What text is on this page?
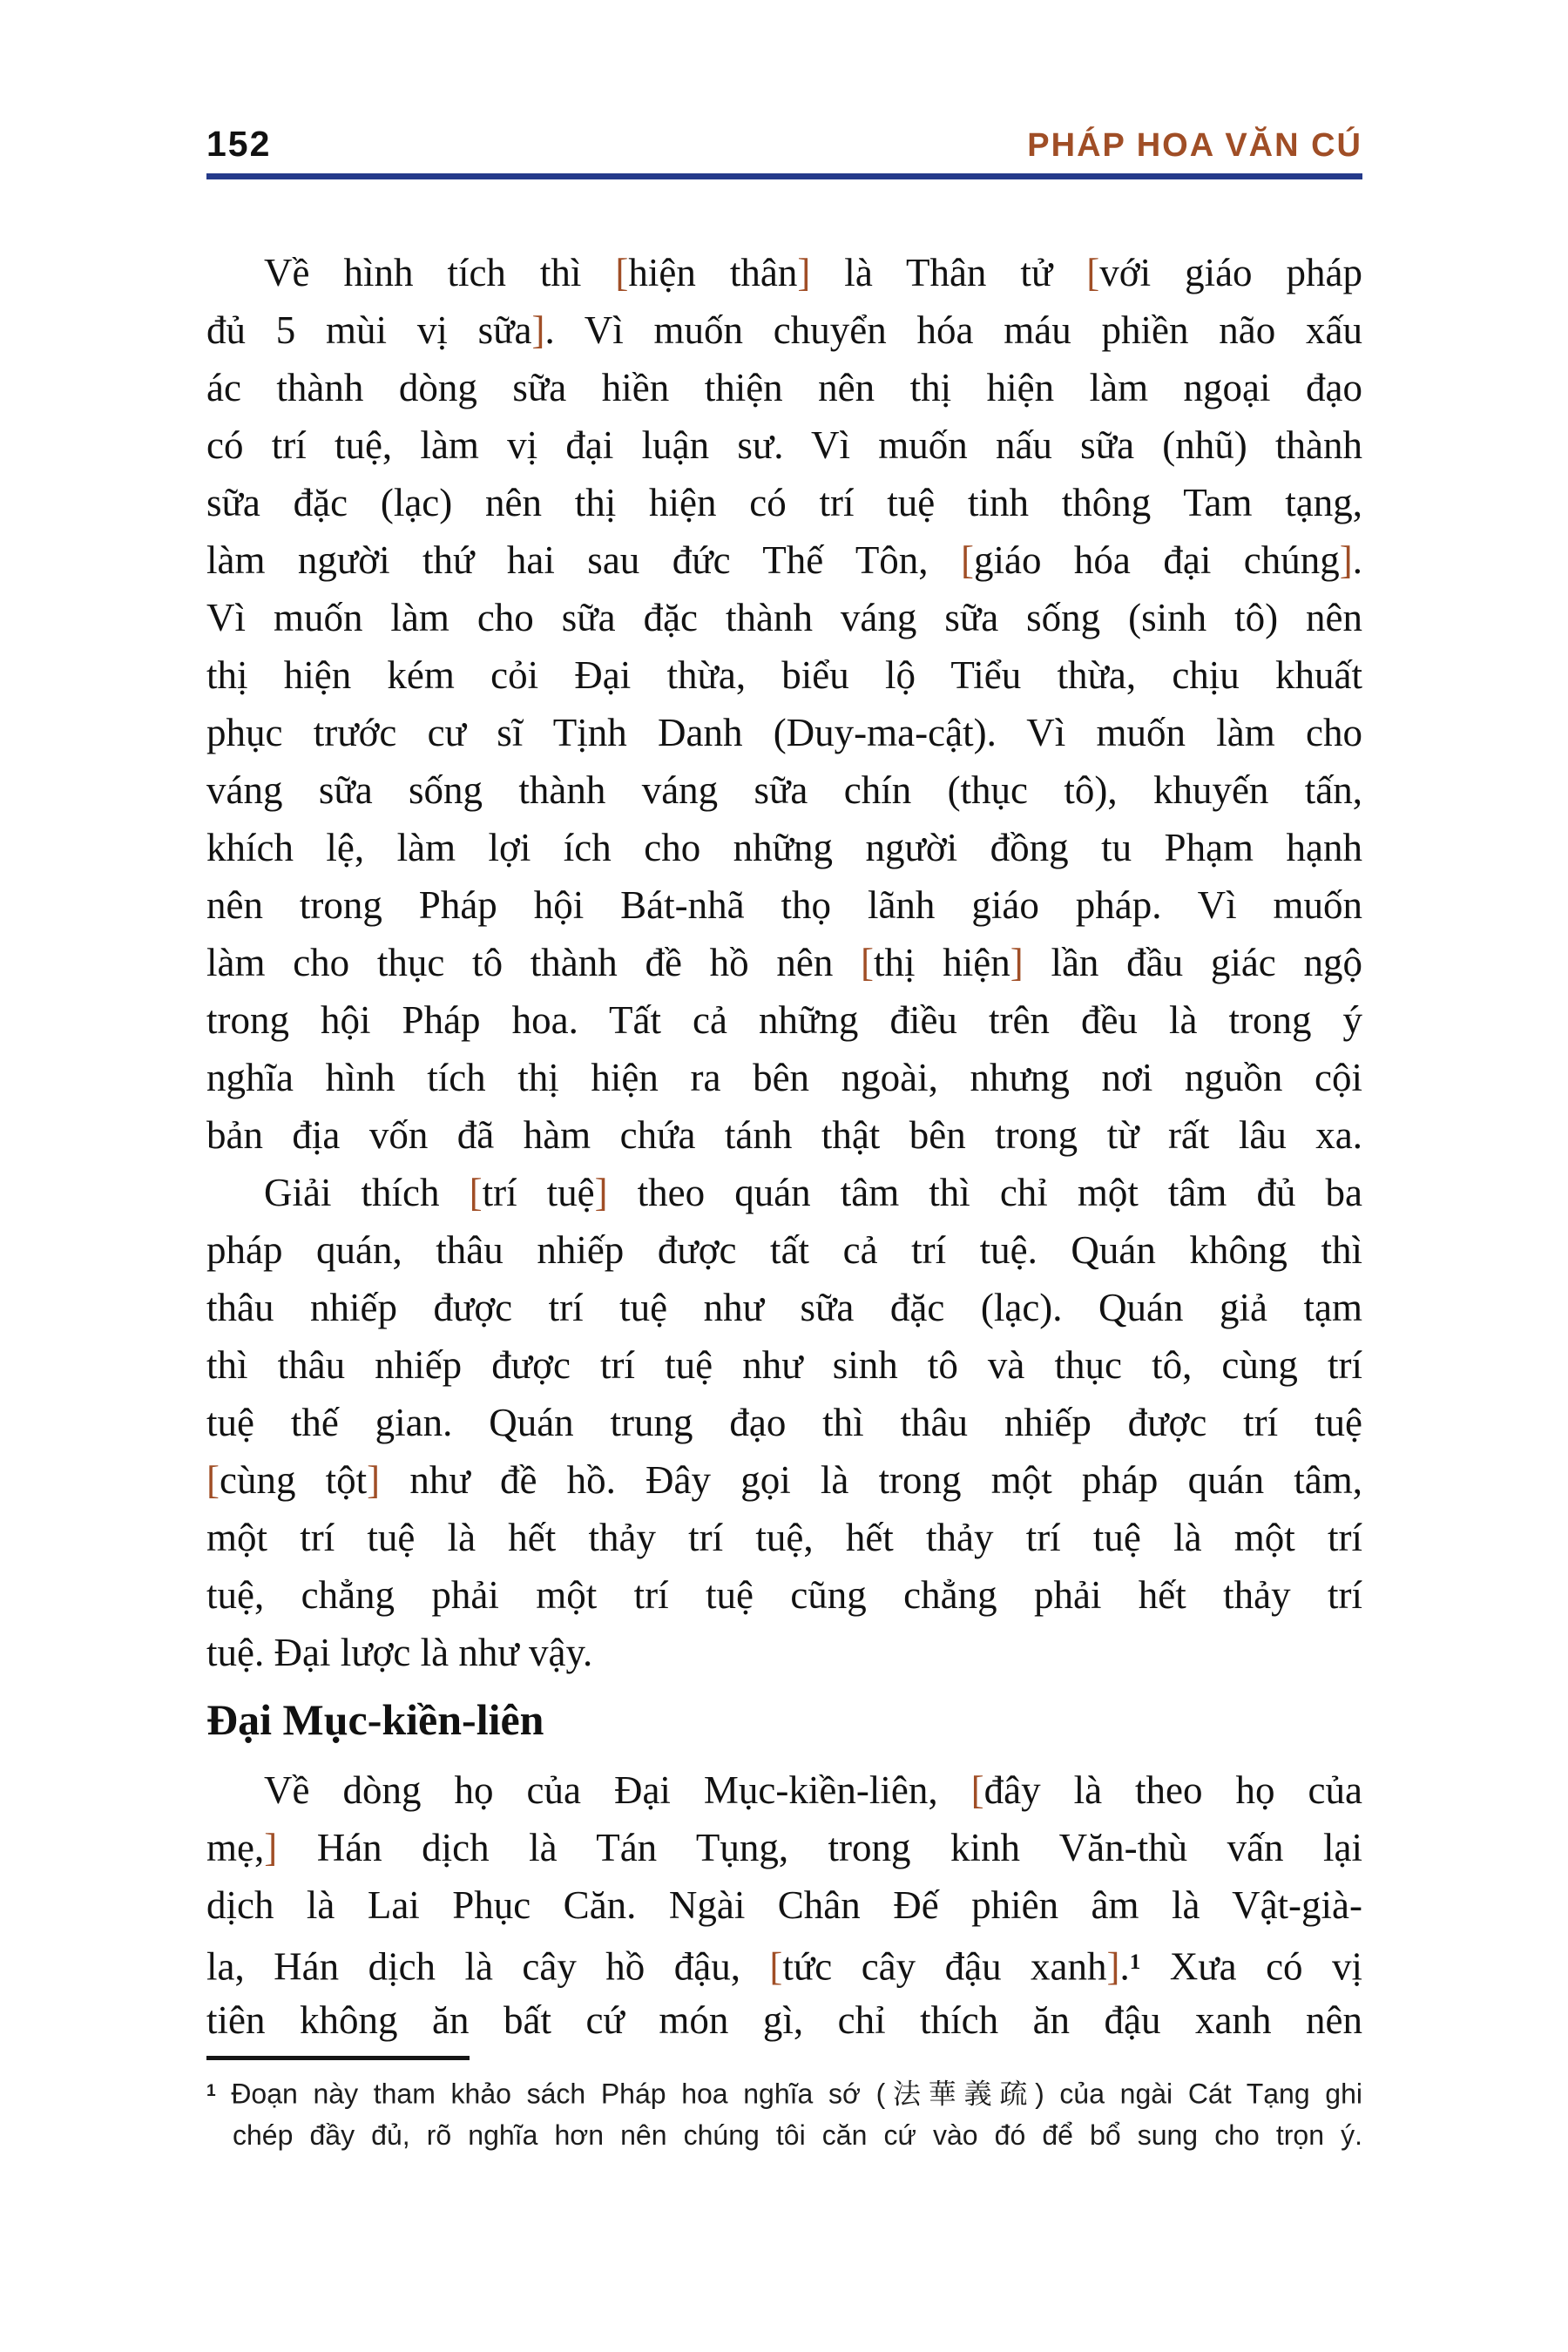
152	PHÁP HOA VĂN CÚ
Về hình tích thì [hiện thân] là Thân tử [với giáo pháp
đủ 5 mùi vị sữa]. Vì muốn chuyển hóa máu phiền não xấu
ác thành dòng sữa hiền thiện nên thị hiện làm ngoại đạo
có trí tuệ, làm vị đại luận sư. Vì muốn nấu sữa (nhũ) thành
sữa đặc (lạc) nên thị hiện có trí tuệ tinh thông Tam tạng,
làm người thứ hai sau đức Thế Tôn, [giáo hóa đại chúng].
Vì muốn làm cho sữa đặc thành váng sữa sống (sinh tô) nên
thị hiện kém cỏi Đại thừa, biểu lộ Tiểu thừa, chịu khuất
phục trước cư sĩ Tịnh Danh (Duy-ma-cật). Vì muốn làm cho
váng sữa sống thành váng sữa chín (thục tô), khuyến tấn,
khích lệ, làm lợi ích cho những người đồng tu Phạm hạnh
nên trong Pháp hội Bát-nhã thọ lãnh giáo pháp. Vì muốn
làm cho thục tô thành đề hồ nên [thị hiện] lần đầu giác ngộ
trong hội Pháp hoa. Tất cả những điều trên đều là trong ý
nghĩa hình tích thị hiện ra bên ngoài, nhưng nơi nguồn cội
bản địa vốn đã hàm chứa tánh thật bên trong từ rất lâu xa.
Giải thích [trí tuệ] theo quán tâm thì chỉ một tâm đủ ba
pháp quán, thâu nhiếp được tất cả trí tuệ. Quán không thì
thâu nhiếp được trí tuệ như sữa đặc (lạc). Quán giả tạm
thì thâu nhiếp được trí tuệ như sinh tô và thục tô, cùng trí
tuệ thế gian. Quán trung đạo thì thâu nhiếp được trí tuệ
[cùng tột] như đề hồ. Đây gọi là trong một pháp quán tâm,
một trí tuệ là hết thảy trí tuệ, hết thảy trí tuệ là một trí
tuệ, chẳng phải một trí tuệ cũng chẳng phải hết thảy trí
tuệ. Đại lược là như vậy.
Đại Mục-kiền-liên
Về dòng họ của Đại Mục-kiền-liên, [đây là theo họ của
mẹ,] Hán dịch là Tán Tụng, trong kinh Văn-thù vấn lại
dịch là Lai Phục Căn. Ngài Chân Đế phiên âm là Vật-già-
la, Hán dịch là cây hồ đậu, [tức cây đậu xanh].$^1$ Xưa có vị
tiên không ăn bất cứ món gì, chỉ thích ăn đậu xanh nên
$^1$ Đoạn này tham khảo sách Pháp hoa nghĩa sớ (法華義疏) của ngài Cát Tạng ghi
chép đầy đủ, rõ nghĩa hơn nên chúng tôi căn cứ vào đó để bổ sung cho trọn ý.
